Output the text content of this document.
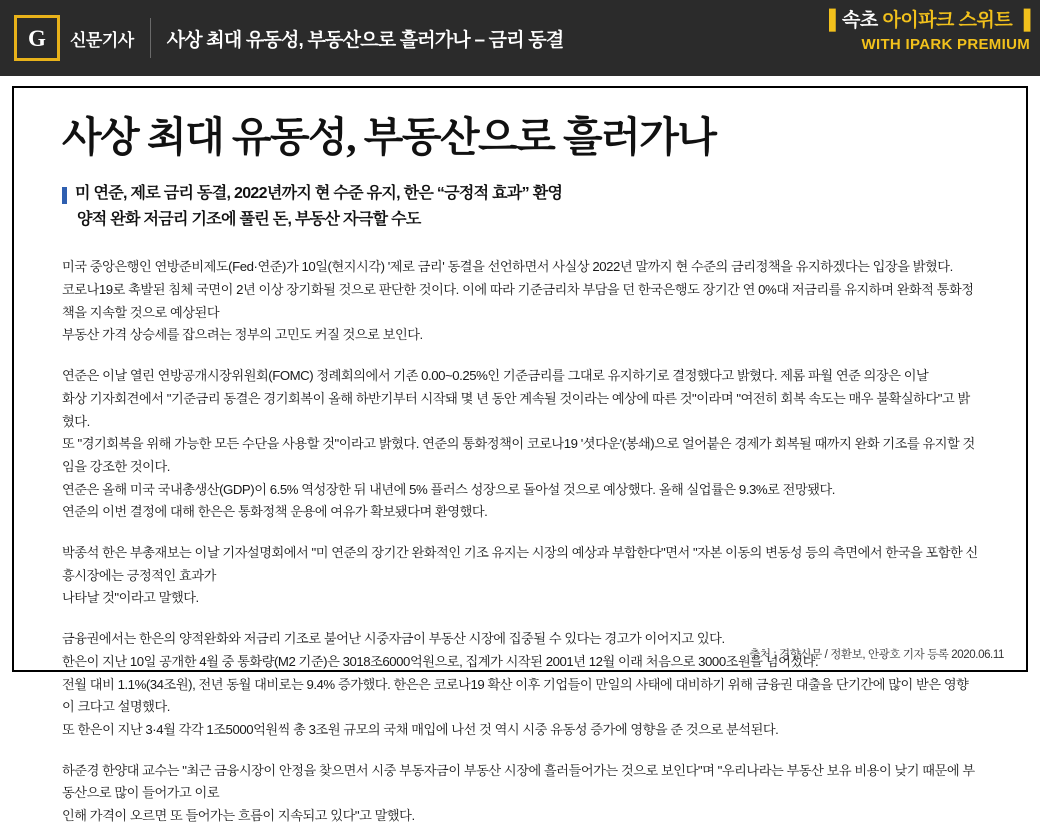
G 신문기사 사상 최대 유동성, 부동산으로 흘러가나 – 금리 동결
▌속초 아이파크 스위트 ▐
WITH IPARK PREMIUM
사상 최대 유동성, 부동산으로 흘러가나
미 연준, 제로 금리 동결, 2022년까지 현 수준 유지, 한은 “긍정적 효과” 환영
양적 완화 저금리 기조에 풀린 돈, 부동산 자극할 수도

미국 중앙은행인 연방준비제도(Fed·연준)가 10일(현지시각) '제로 금리' 동결을 선언하면서 사실상 2022년 말까지 현 수준의 금리정책을 유지하겠다는 입장을 밝혔다.

코로나19로 촉발된 침체 국면이 2년 이상 장기화될 것으로 판단한 것이다. 이에 따라 기준금리차 부담을 던 한국은행도 장기간 연 0%대 저금리를 유지하며 완화적 통화정책을 지속할 것으로 예상된다

부동산 가격 상승세를 잡으려는 정부의 고민도 커질 것으로 보인다.

연준은 이날 열린 연방공개시장위원회(FOMC) 정례회의에서 기존 0.00~0.25%인 기준금리를 그대로 유지하기로 결정했다고 밝혔다. 제롬 파월 연준 의장은 이날

화상 기자회견에서 "기준금리 동결은 경기회복이 올해 하반기부터 시작돼 몇 년 동안 계속될 것이라는 예상에 따른 것"이라며 "여전히 회복 속도는 매우 불확실하다"고 밝혔다.

또 "경기회복을 위해 가능한 모든 수단을 사용할 것"이라고 밝혔다. 연준의 통화정책이 코로나19 '셧다운'(봉쇄)으로 얼어붙은 경제가 회복될 때까지 완화 기조를 유지할 것임을 강조한 것이다.

연준은 올해 미국 국내총생산(GDP)이 6.5% 역성장한 뒤 내년에 5% 플러스 성장으로 돌아설 것으로 예상했다. 올해 실업률은 9.3%로 전망됐다.

연준의 이번 결정에 대해 한은은 통화정책 운용에 여유가 확보됐다며 환영했다.

박종석 한은 부총재보는 이날 기자설명회에서 "미 연준의 장기간 완화적인 기조 유지는 시장의 예상과 부합한다"면서 "자본 이동의 변동성 등의 측면에서 한국을 포함한 신흥시장에는 긍정적인 효과가

나타날 것"이라고 말했다.

금융권에서는 한은의 양적완화와 저금리 기조로 불어난 시중자금이 부동산 시장에 집중될 수 있다는 경고가 이어지고 있다.

한은이 지난 10일 공개한 4월 중 통화량(M2 기준)은 3018조6000억원으로, 집계가 시작된 2001년 12월 이래 처음으로 3000조원을 넘어섰다.

전월 대비 1.1%(34조원), 전년 동월 대비로는 9.4% 증가했다. 한은은 코로나19 확산 이후 기업들이 만일의 사태에 대비하기 위해 금융권 대출을 단기간에 많이 받은 영향이 크다고 설명했다.

또 한은이 지난 3·4월 각각 1조5000억원씩 총 3조원 규모의 국채 매입에 나선 것 역시 시중 유동성 증가에 영향을 준 것으로 분석된다.

하준경 한양대 교수는 "최근 금융시장이 안정을 찾으면서 시중 부동자금이 부동산 시장에 흘러들어가는 것으로 보인다"며 "우리나라는 부동산 보유 비용이 낮기 때문에 부동산으로 많이 들어가고 이로

인해 가격이 오르면 또 들어가는 흐름이 지속되고 있다"고 말했다.

출처 : 경향신문 / 정환보, 안광호 기자 등록 2020.06.11
